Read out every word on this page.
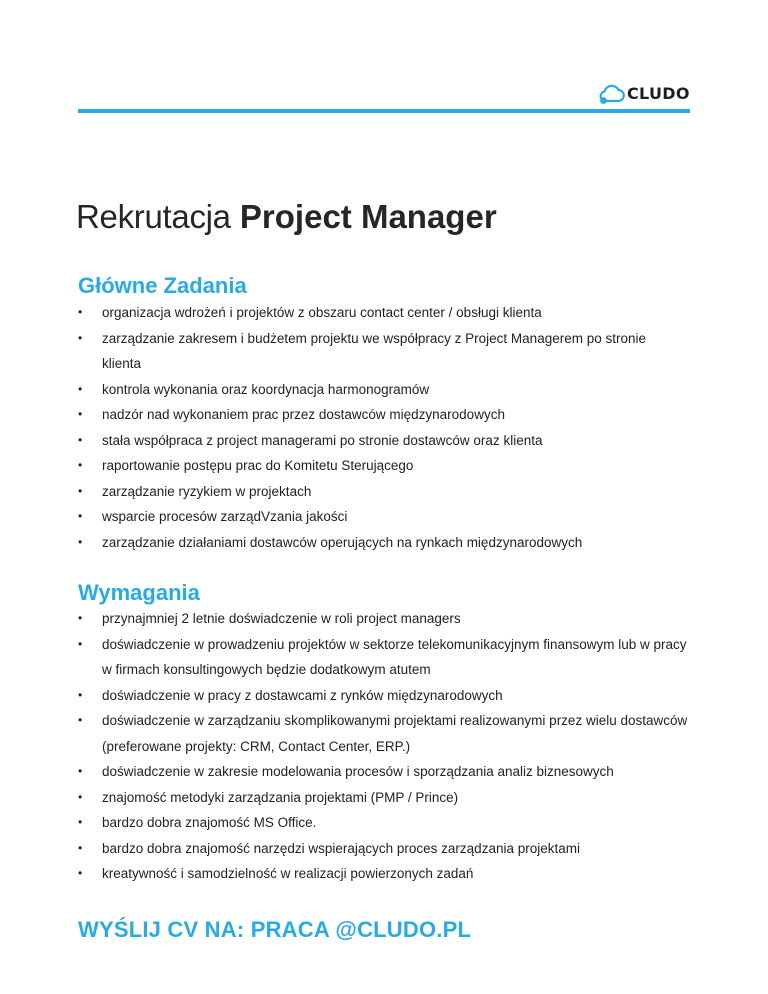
CLUDO
Rekrutacja Project Manager
Główne Zadania
•	organizacja wdrożeń i projektów z obszaru contact center / obsługi klienta
•	zarządzanie zakresem i budżetem projektu we współpracy z Project Managerem po stronie klienta
•	kontrola wykonania oraz koordynacja harmonogramów
•	nadzór nad wykonaniem prac przez dostawców międzynarodowych
•	stała współpraca z project managerami po stronie dostawców oraz klienta
•	raportowanie postępu prac do Komitetu Sterującego
•	zarządzanie ryzykiem w projektach
•	wsparcie procesów zarządVzania jakości
•	zarządzanie działaniami dostawców operujących na rynkach międzynarodowych
Wymagania
•	przynajmniej 2 letnie doświadczenie w roli project managers
•	doświadczenie w prowadzeniu projektów w sektorze telekomunikacyjnym finansowym lub w pracy w firmach konsultingowych będzie dodatkowym atutem
•	doświadczenie w pracy z dostawcami z rynków międzynarodowych
•	doświadczenie w zarządzaniu skomplikowanymi projektami realizowanymi przez wielu dostawców (preferowane projekty: CRM, Contact Center, ERP.)
•	doświadczenie w zakresie modelowania procesów i sporządzania analiz biznesowych
•	znajomość metodyki zarządzania projektami (PMP / Prince)
•	bardzo dobra znajomość MS Office.
•	bardzo dobra znajomość narzędzi wspierających proces zarządzania projektami
•	kreatywność i samodzielność w realizacji powierzonych zadań
WYŚLIJ CV NA: PRACA @CLUDO.PL
